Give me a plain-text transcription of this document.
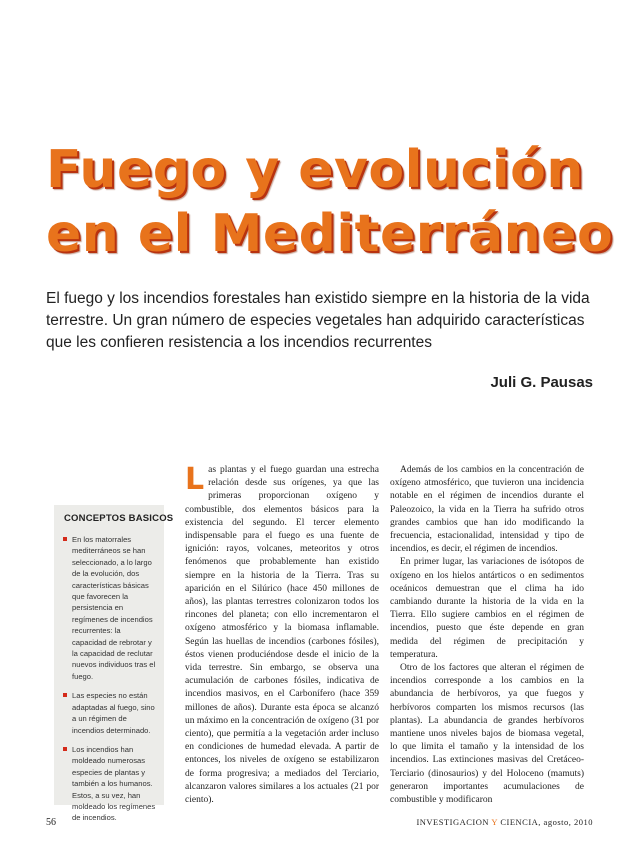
Fuego y evolución
en el Mediterráneo
El fuego y los incendios forestales han existido siempre en la historia de la vida terrestre. Un gran número de especies vegetales han adquirido características que les confieren resistencia a los incendios recurrentes
Juli G. Pausas
CONCEPTOS BASICOS
En los matorrales mediterráneos se han seleccionado, a lo largo de la evolución, dos características básicas que favorecen la persistencia en regímenes de incendios recurrentes: la capacidad de rebrotar y la capacidad de reclutar nuevos individuos tras el fuego.
Las especies no están adaptadas al fuego, sino a un régimen de incendios determinado.
Los incendios han moldeado numerosas especies de plantas y también a los humanos. Estos, a su vez, han moldeado los regímenes de incendios.

Las plantas y el fuego guardan una estrecha relación desde sus orígenes, ya que las primeras proporcionan oxígeno y combustible, dos elementos básicos para la existencia del segundo. El tercer elemento indispensable para el fuego es una fuente de ignición: rayos, volcanes, meteoritos y otros fenómenos que probablemente han existido siempre en la historia de la Tierra. Tras su aparición en el Silúrico (hace 450 millones de años), las plantas terrestres colonizaron todos los rincones del planeta; con ello incrementaron el oxígeno atmosférico y la biomasa inflamable. Según las huellas de incendios (carbones fósiles), éstos vienen produciéndose desde el inicio de la vida terrestre. Sin embargo, se observa una acumulación de carbones fósiles, indicativa de incendios masivos, en el Carbonífero (hace 359 millones de años). Durante esta época se alcanzó un máximo en la concentración de oxígeno (31 por ciento), que permitía a la vegetación arder incluso en condiciones de humedad elevada. A partir de entonces, los niveles de oxígeno se estabilizaron de forma progresiva; a mediados del Terciario, alcanzaron valores similares a los actuales (21 por ciento).

Además de los cambios en la concentración de oxígeno atmosférico, que tuvieron una incidencia notable en el régimen de incendios durante el Paleozoico, la vida en la Tierra ha sufrido otros grandes cambios que han ido modificando la frecuencia, estacionalidad, intensidad y tipo de incendios, es decir, el régimen de incendios.

En primer lugar, las variaciones de isótopos de oxígeno en los hielos antárticos o en sedimentos oceánicos demuestran que el clima ha ido cambiando durante la historia de la vida en la Tierra. Ello sugiere cambios en el régimen de incendios, puesto que éste depende en gran medida del régimen de precipitación y temperatura.

Otro de los factores que alteran el régimen de incendios corresponde a los cambios en la abundancia de herbívoros, ya que fuegos y herbívoros comparten los mismos recursos (las plantas). La abundancia de grandes herbívoros mantiene unos niveles bajos de biomasa vegetal, lo que limita el tamaño y la intensidad de los incendios. Las extinciones masivas del Cretáceo-Terciario (dinosaurios) y del Holoceno (mamuts) generaron importantes acumulaciones de combustible y modificaron

56	INVESTIGACION Y CIENCIA, agosto, 2010
